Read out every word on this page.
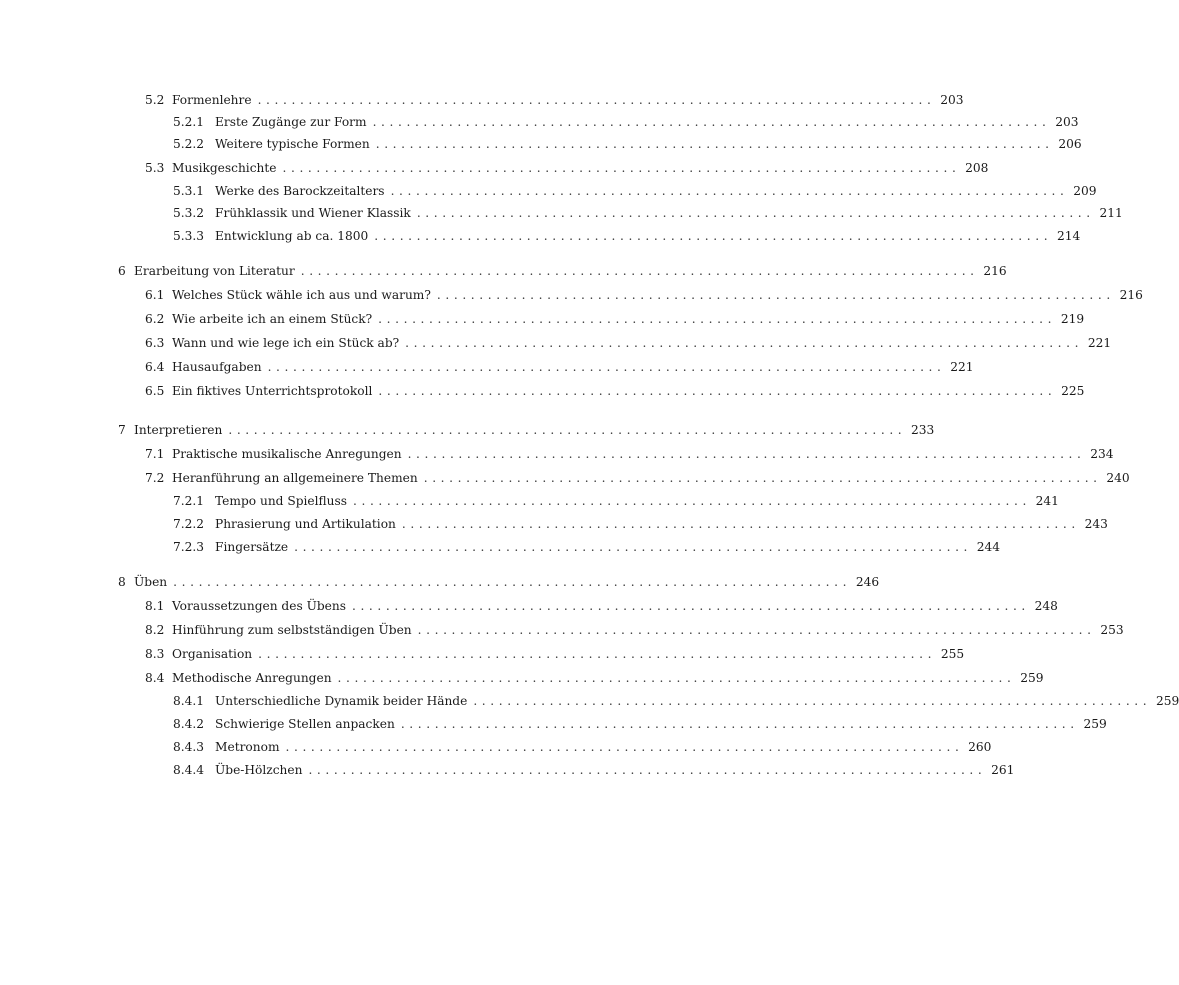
5.2 Formenlehre ................................................................................ 203
5.2.1 Erste Zugänge zur Form ................................................................................ 203
5.2.2 Weitere typische Formen ................................................................................ 206
5.3 Musikgeschichte ................................................................................ 208
5.3.1 Werke des Barockzeitalters ................................................................................ 209
5.3.2 Frühklassik und Wiener Klassik ................................................................................ 211
5.3.3 Entwicklung ab ca. 1800 ................................................................................ 214
6 Erarbeitung von Literatur ................................................................................ 216
6.1 Welches Stück wähle ich aus und warum? ................................................................................ 216
6.2 Wie arbeite ich an einem Stück? ................................................................................ 219
6.3 Wann und wie lege ich ein Stück ab? ................................................................................ 221
6.4 Hausaufgaben ................................................................................ 221
6.5 Ein fiktives Unterrichtsprotokoll ................................................................................ 225
7 Interpretieren ................................................................................ 233
7.1 Praktische musikalische Anregungen ................................................................................ 234
7.2 Heranführung an allgemeinere Themen ................................................................................ 240
7.2.1 Tempo und Spielfluss ................................................................................ 241
7.2.2 Phrasierung und Artikulation ................................................................................ 243
7.2.3 Fingersätze ................................................................................ 244
8 Üben ................................................................................ 246
8.1 Voraussetzungen des Übens ................................................................................ 248
8.2 Hinführung zum selbstständigen Üben ................................................................................ 253
8.3 Organisation ................................................................................ 255
8.4 Methodische Anregungen ................................................................................ 259
8.4.1 Unterschiedliche Dynamik beider Hände ................................................................................ 259
8.4.2 Schwierige Stellen anpacken ................................................................................ 259
8.4.3 Metronom ................................................................................ 260
8.4.4 Übe-Hölzchen ................................................................................ 261
